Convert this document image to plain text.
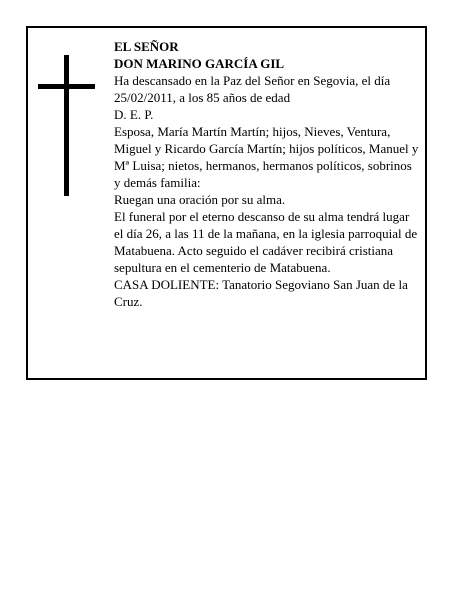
EL SEÑOR

DON MARINO GARCÍA GIL

Ha descansado en la Paz del Señor en Segovia, el día 25/02/2011, a los 85 años de edad

D. E. P.

Esposa, María Martín Martín; hijos, Nieves, Ventura, Miguel y Ricardo García Martín; hijos políticos, Manuel y Mª Luisa; nietos, hermanos, hermanos políticos, sobrinos y demás familia:

Ruegan una oración por su alma.

El funeral por el eterno descanso de su alma tendrá lugar el día 26, a las 11 de la mañana, en la iglesia parroquial de Matabuena. Acto seguido el cadáver recibirá cristiana sepultura en el cementerio de Matabuena.

CASA DOLIENTE: Tanatorio Segoviano San Juan de la Cruz.
